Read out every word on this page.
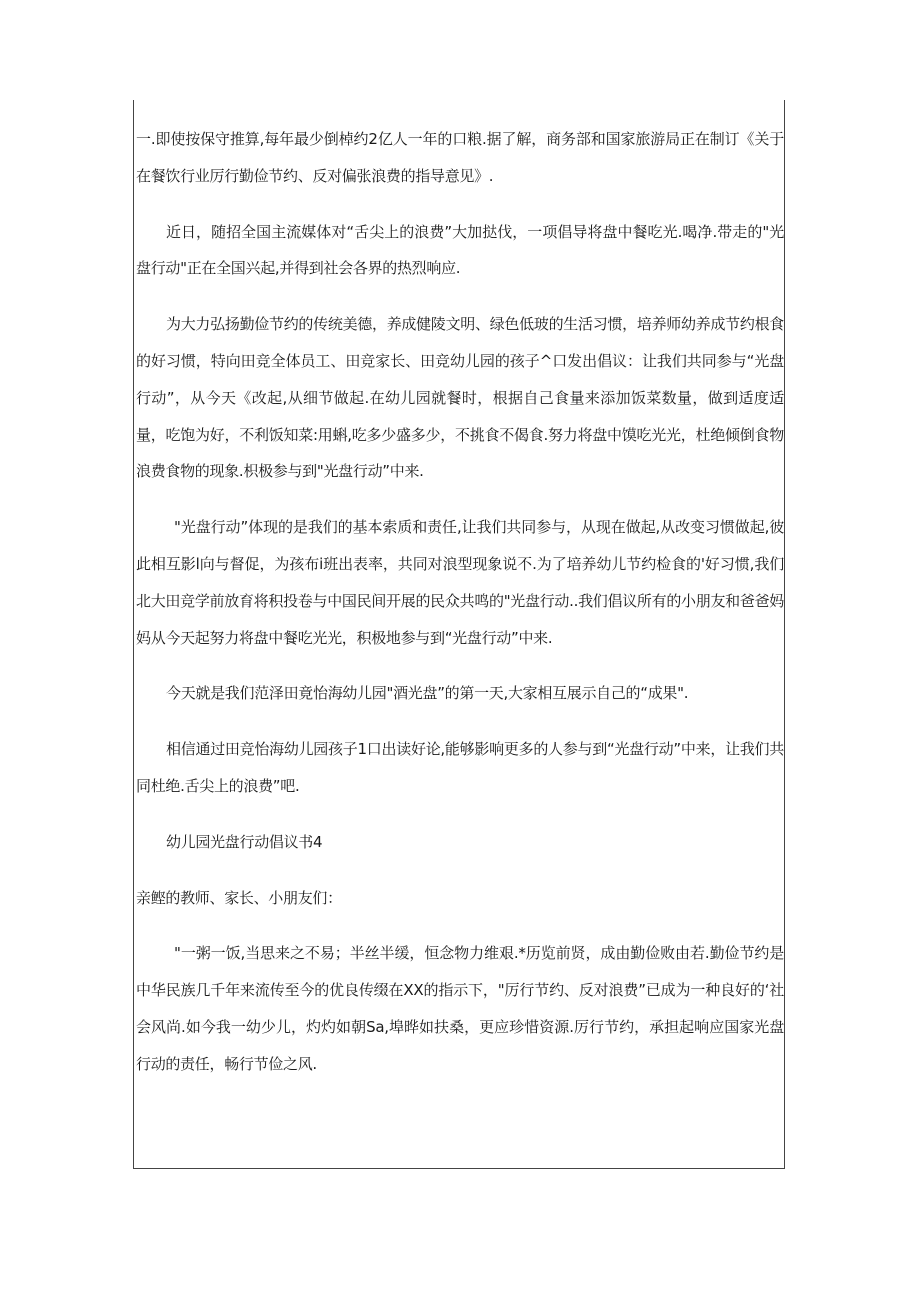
一.即使按保守推算,每年最少倒棹约2亿人一年的口粮.据了解，商务部和国家旅游局正在制订《关于在餐饮行业厉行勤俭节约、反对偏张浪费的指导意见》.

近日，随招全国主流媒体对“舌尖上的浪费”大加挞伐，一项倡导将盘中餐吃光.喝净.带走的"光盘行动"正在全国兴起,并得到社会各界的热烈响应.

为大力弘扬勤俭节约的传统美德，养成健陵文明、绿色低玻的生活习惯，培养师幼养成节约根食的好习惯，特向田竞全体员工、田竞家长、田竞幼儿园的孩子^口发出倡议：让我们共同参与“光盘行动”，从今天《改起,从细节做起.在幼儿园就餐时，根据自己食量来添加饭菜数量，做到适度适量，吃饱为好，不利饭知菜:用蝌,吃多少盛多少，不挑食不偈食.努力将盘中馍吃光光，杜绝倾倒食物浪费食物的现象.枳极参与到"光盘行动”中来.

"光盘行动”体现的是我们的基本索质和责任,让我们共同参与，从现在做起,从改变习惯做起,彼此相互影l向与督促，为孩布i班出表率，共同对浪型现象说不.为了培养幼儿节约检食的'好习惯,我们北大田竞学前放育将积投卷与中国民间开展的民众共鸣的"光盘行动..我们倡议所有的小朋友和爸爸妈妈从今天起努力将盘中餐吃光光，积极地参与到“光盘行动”中来.

今天就是我们范泽田竟怡海幼儿园"酒光盘”的第一天,大家相互展示自己的“成果".

相信通过田竞怡海幼儿园孩子1口出读好论,能够影响更多的人参与到“光盘行动”中来，让我们共同杜绝.舌尖上的浪费”吧.

幼儿园光盘行动倡议书4

亲鲣的教师、家长、小朋友们：

"一粥一饭,当思来之不易；半丝半缓，恒念物力维艰.*历览前贤，成由勤俭败由若.勤俭节约是中华民族几千年来流传至今的优良传缀在XX的指示下，"厉行节约、反对浪费”已成为一种良好的‘社会风尚.如今我一幼少儿，灼灼如朝Sa,埠晔如扶桑，更应珍惜资源.厉行节约，承担起响应国家光盘行动的责任，畅行节俭之风.
